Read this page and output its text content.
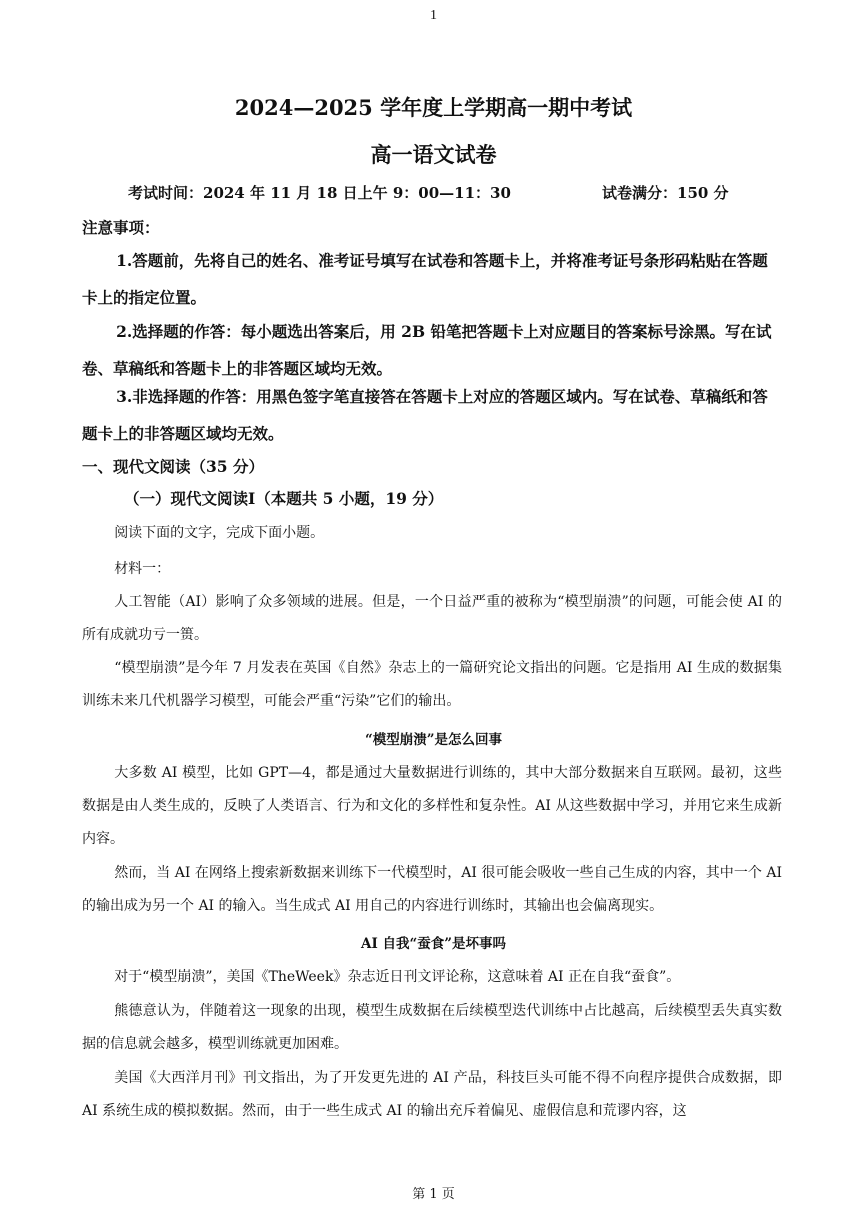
1
2024—2025 学年度上学期高一期中考试
高一语文试卷
考试时间：2024 年 11 月 18 日上午 9：00—11：30	试卷满分：150 分
注意事项：
1.答题前，先将自己的姓名、准考证号填写在试卷和答题卡上，并将准考证号条形码粘贴在答题卡上的指定位置。
2.选择题的作答：每小题选出答案后，用 2B 铅笔把答题卡上对应题目的答案标号涂黑。写在试卷、草稿纸和答题卡上的非答题区域均无效。
3.非选择题的作答：用黑色签字笔直接答在答题卡上对应的答题区域内。写在试卷、草稿纸和答题卡上的非答题区域均无效。
一、现代文阅读（35 分）
（一）现代文阅读Ⅰ（本题共 5 小题，19 分）
阅读下面的文字，完成下面小题。
材料一：
人工智能（AI）影响了众多领域的进展。但是，一个日益严重的被称为“模型崩溃”的问题，可能会使 AI 的所有成就功亏一篑。
“模型崩溃”是今年 7 月发表在英国《自然》杂志上的一篇研究论文指出的问题。它是指用 AI 生成的数据集训练未来几代机器学习模型，可能会严重“污染”它们的输出。
“模型崩溃”是怎么回事
大多数 AI 模型，比如 GPT—4，都是通过大量数据进行训练的，其中大部分数据来自互联网。最初，这些数据是由人类生成的，反映了人类语言、行为和文化的多样性和复杂性。AI 从这些数据中学习，并用它来生成新内容。
然而，当 AI 在网络上搜索新数据来训练下一代模型时，AI 很可能会吸收一些自己生成的内容，其中一个 AI 的输出成为另一个 AI 的输入。当生成式 AI 用自己的内容进行训练时，其输出也会偏离现实。
AI 自我“蚕食”是坏事吗
对于“模型崩溃”，美国《TheWeek》杂志近日刊文评论称，这意味着 AI 正在自我“蚕食”。
熊德意认为，伴随着这一现象的出现，模型生成数据在后续模型迭代训练中占比越高，后续模型丢失真实数据的信息就会越多，模型训练就更加困难。
美国《大西洋月刊》刊文指出，为了开发更先进的 AI 产品，科技巨头可能不得不向程序提供合成数据，即 AI 系统生成的模拟数据。然而，由于一些生成式 AI 的输出充斥着偏见、虚假信息和荒谬内容，这
第 1 页
